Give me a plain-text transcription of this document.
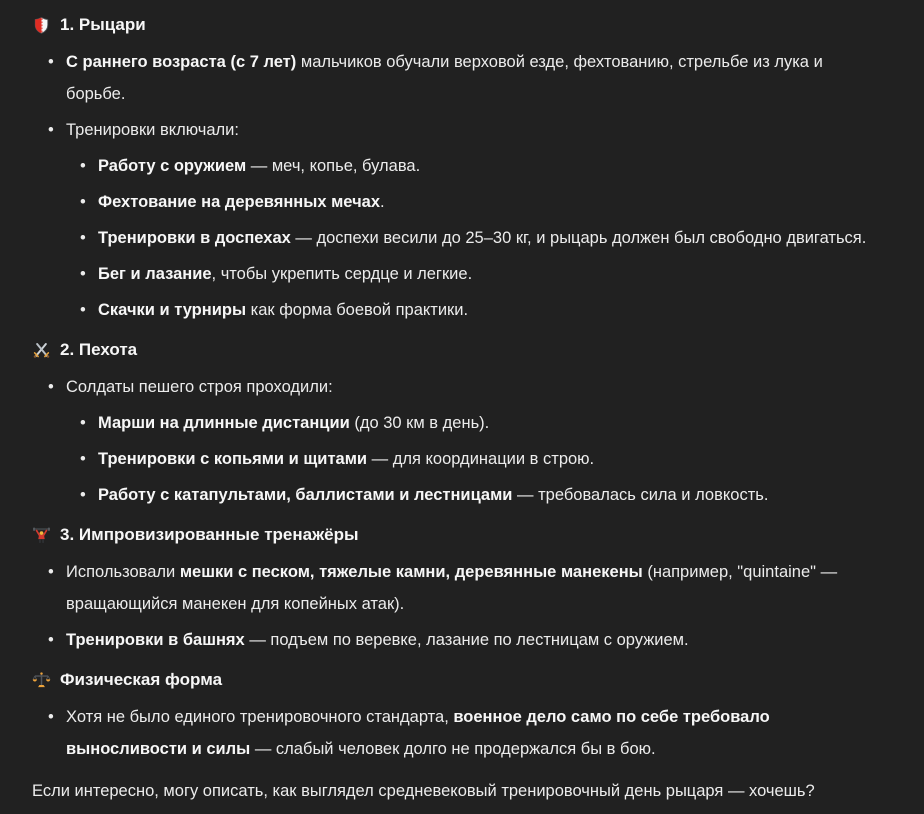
1. Рыцари
• С раннего возраста (с 7 лет) мальчиков обучали верховой езде, фехтованию, стрельбе из лука и борьбе.
• Тренировки включали:
• Работу с оружием — меч, копье, булава.
• Фехтование на деревянных мечах.
• Тренировки в доспехах — доспехи весили до 25–30 кг, и рыцарь должен был свободно двигаться.
• Бег и лазание, чтобы укрепить сердце и легкие.
• Скачки и турниры как форма боевой практики.
2. Пехота
• Солдаты пешего строя проходили:
• Марши на длинные дистанции (до 30 км в день).
• Тренировки с копьями и щитами — для координации в строю.
• Работу с катапультами, баллистами и лестницами — требовалась сила и ловкость.
3. Импровизированные тренажёры
• Использовали мешки с песком, тяжелые камни, деревянные манекены (например, "quintaine" — вращающийся манекен для копейных атак).
• Тренировки в башнях — подъем по веревке, лазание по лестницам с оружием.
Физическая форма
• Хотя не было единого тренировочного стандарта, военное дело само по себе требовало выносливости и силы — слабый человек долго не продержался бы в бою.

Если интересно, могу описать, как выглядел средневековый тренировочный день рыцаря — хочешь?
